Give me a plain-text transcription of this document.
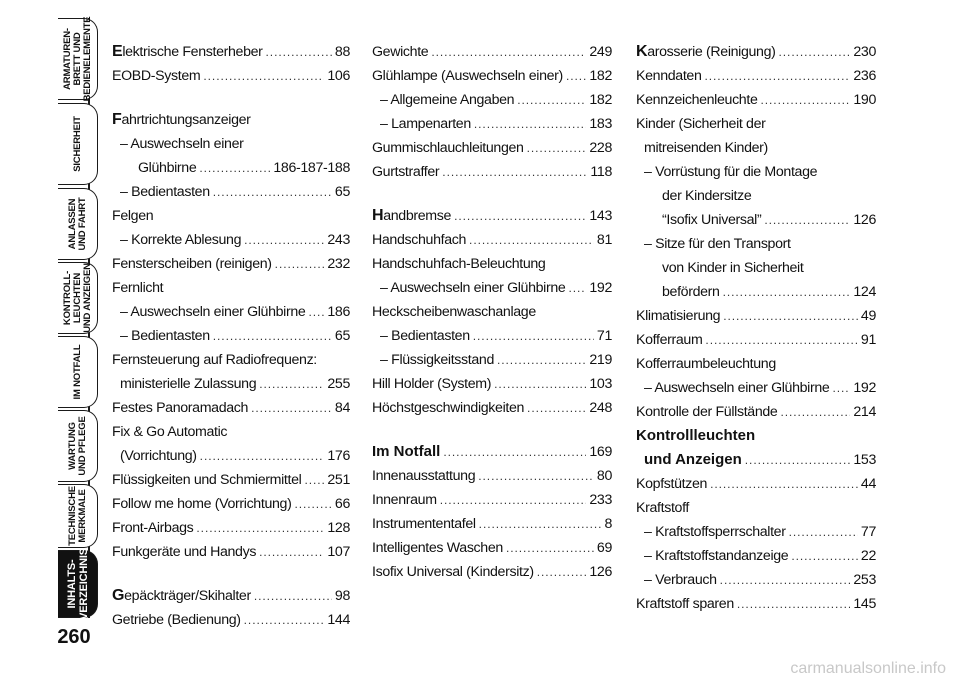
ARMATUREN-
BRETT UND
BEDIENELEMENTE
SICHERHEIT
ANLASSEN
UND FAHRT
KONTROLL-
LEUCHTEN
UND ANZEIGEN
IM NOTFALL
WARTUNG
UND PFLEGE
TECHNISCHE
MERKMALE
INHALTS-
VERZEICHNIS
260
Elektrische Fensterheber . . .	88
EOBD-System . . .	106
Fahrtrichtungsanzeiger
– Auswechseln einer
Glühbirne . . .	186-187-188
– Bedientasten . . .	65
Felgen
– Korrekte Ablesung . . .	243
Fensterscheiben (reinigen) . . .	232
Fernlicht
– Auswechseln einer Glühbirne . . . 186
– Bedientasten . . .	65
Fernsteuerung auf Radiofrequenz:
ministerielle Zulassung . . .	255
Festes Panoramadach . . .	84
Fix & Go Automatic
(Vorrichtung) . . .	176
Flüssigkeiten und Schmiermittel . . . 251
Follow me home (Vorrichtung) . . .	66
Front-Airbags . . .	128
Funkgeräte und Handys . . .	107
Gepäckträger/Skihalter . . .	98
Getriebe (Bedienung) . . .	144
Gewichte . . .	249
Glühlampe (Auswechseln einer) . . . 182
– Allgemeine Angaben . . .	182
– Lampenarten . . .	183
Gummischlauchleitungen . . .	228
Gurtstraffer . . .	118
Handbremse . . .	143
Handschuhfach . . .	81
Handschuhfach-Beleuchtung
– Auswechseln einer Glühbirne . . . 192
Heckscheibenwaschanlage
– Bedientasten . . .	71
– Flüssigkeitsstand . . .	219
Hill Holder (System) . . .	103
Höchstgeschwindigkeiten . . .	248
Im Notfall . . .	169
Innenausstattung . . .	80
Innenraum . . .	233
Instrumententafel . . .	8
Intelligentes Waschen . . .	69
Isofix Universal (Kindersitz) . . .	126
Karosserie (Reinigung) . . .	230
Kenndaten . . .	236
Kennzeichenleuchte . . .	190
Kinder (Sicherheit der
mitreisenden Kinder)
– Vorrüstung für die Montage
der Kindersitze
“Isofix Universal” . . .	126
– Sitze für den Transport
von Kinder in Sicherheit
befördern . . .	124
Klimatisierung . . .	49
Kofferraum . . .	91
Kofferraumbeleuchtung
– Auswechseln einer Glühbirne . . . 192
Kontrolle der Füllstände . . .	214
Kontrollleuchten
und Anzeigen . . .	153
Kopfstützen . . .	44
Kraftstoff
– Kraftstoffsperrschalter . . .	77
– Kraftstoffstandanzeige . . .	22
– Verbrauch . . .	253
Kraftstoff sparen . . .	145
carmanualsonline.info
